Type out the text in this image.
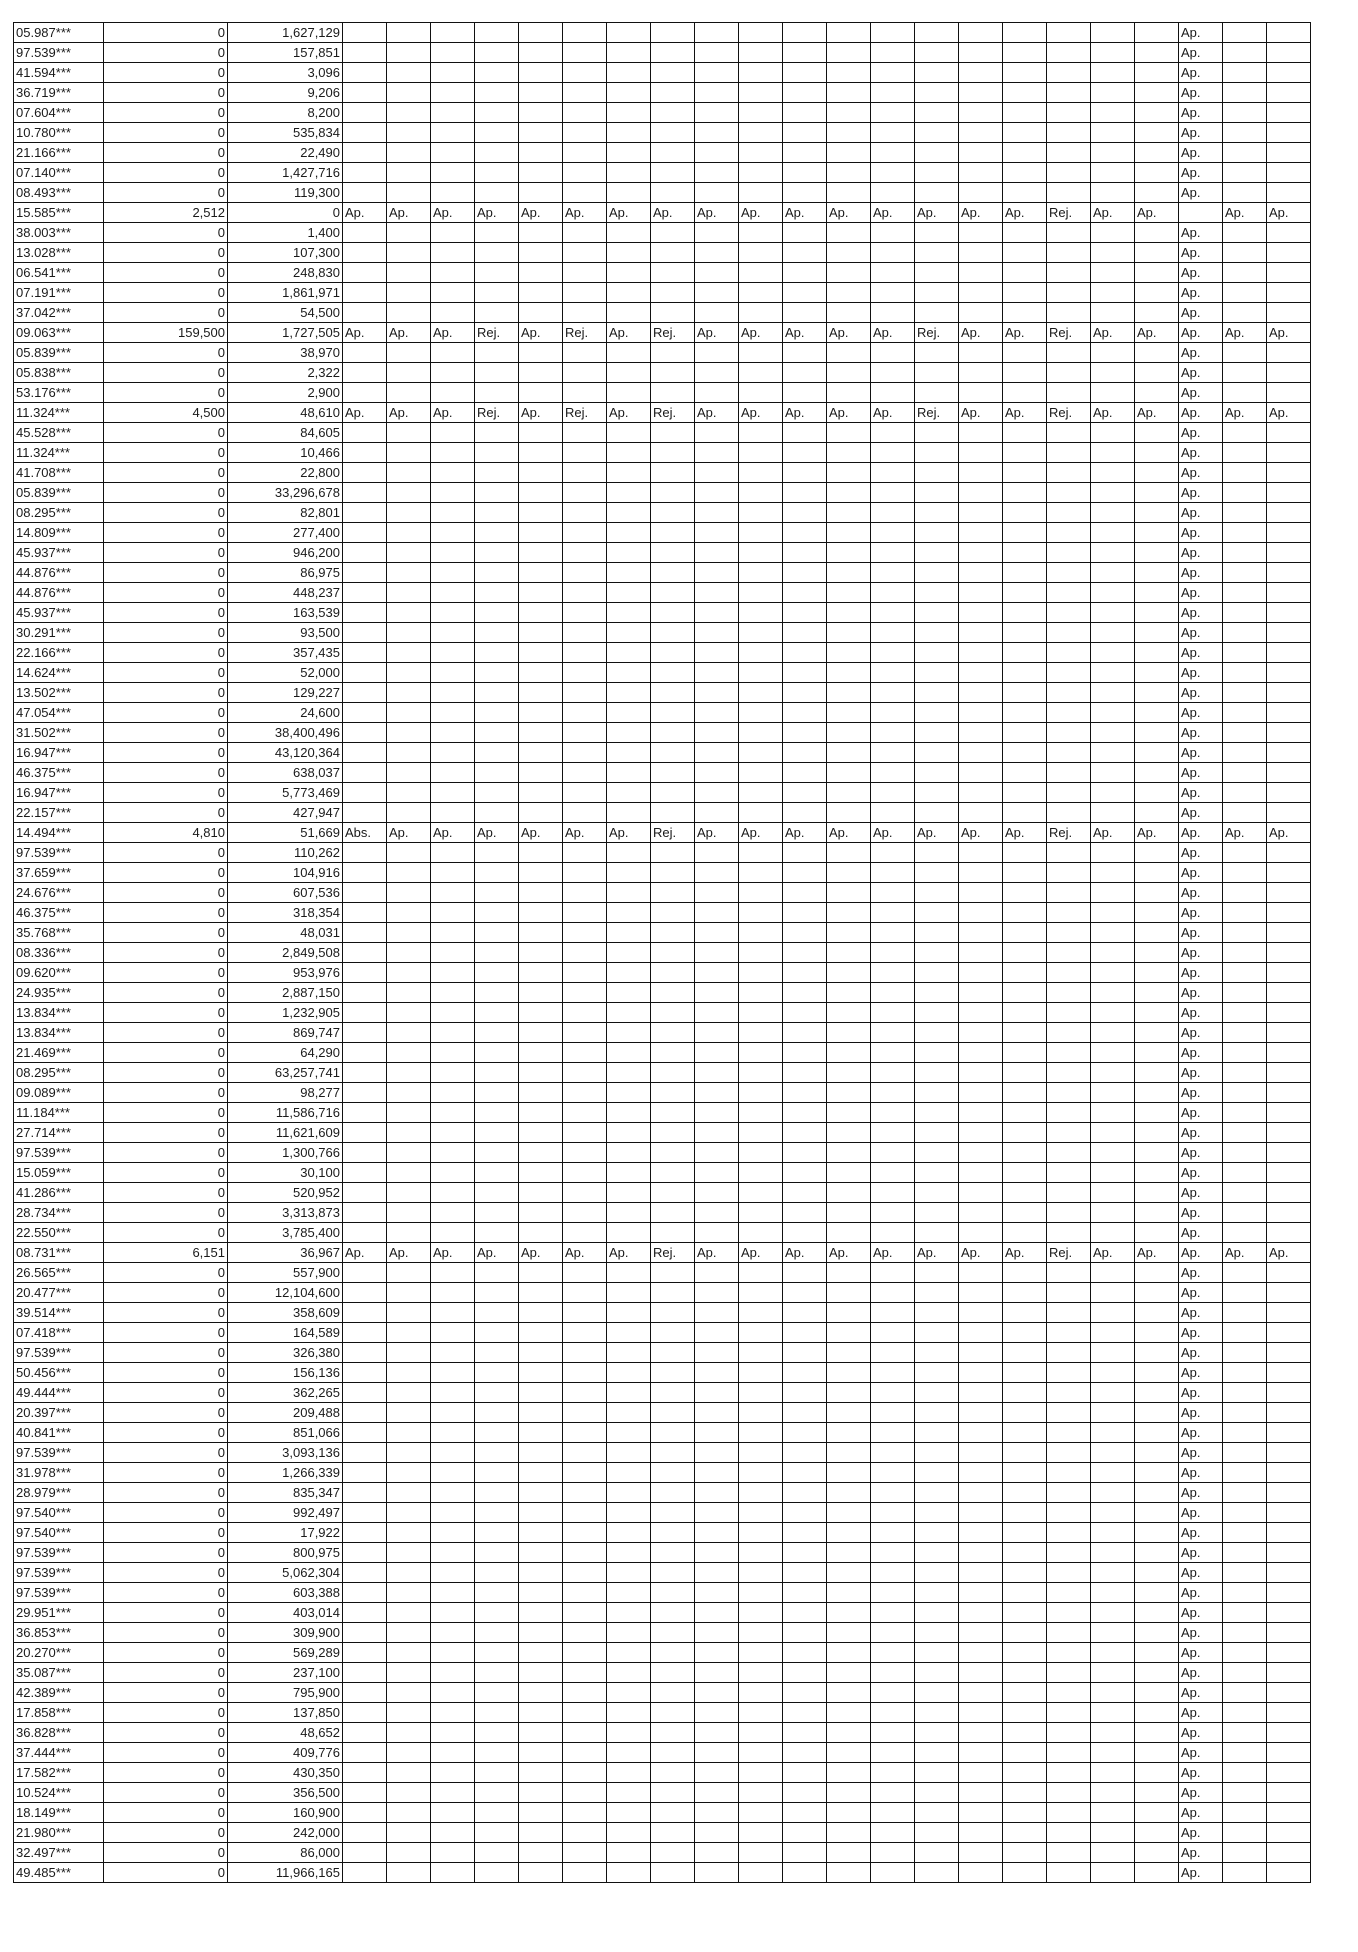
05.987***	0	1,627,129																				Ap.		
97.539***	0	157,851																				Ap.		
41.594***	0	3,096																				Ap.		
36.719***	0	9,206																				Ap.		
07.604***	0	8,200																				Ap.		
10.780***	0	535,834																				Ap.		
21.166***	0	22,490																				Ap.		
07.140***	0	1,427,716																				Ap.		
08.493***	0	119,300																				Ap.		
15.585***	2,512	0	Ap.	Ap.	Ap.	Ap.	Ap.	Ap.	Ap.	Ap.	Ap.	Ap.	Ap.	Ap.	Ap.	Ap.	Ap.	Ap.	Rej.	Ap.	Ap.		Ap.	Ap.
38.003***	0	1,400																				Ap.		
13.028***	0	107,300																				Ap.		
06.541***	0	248,830																				Ap.		
07.191***	0	1,861,971																				Ap.		
37.042***	0	54,500																				Ap.		
09.063***	159,500	1,727,505	Ap.	Ap.	Ap.	Rej.	Ap.	Rej.	Ap.	Rej.	Ap.	Ap.	Ap.	Ap.	Ap.	Rej.	Ap.	Ap.	Rej.	Ap.	Ap.	Ap.	Ap.	Ap.
05.839***	0	38,970																				Ap.		
05.838***	0	2,322																				Ap.		
53.176***	0	2,900																				Ap.		
11.324***	4,500	48,610	Ap.	Ap.	Ap.	Rej.	Ap.	Rej.	Ap.	Rej.	Ap.	Ap.	Ap.	Ap.	Ap.	Rej.	Ap.	Ap.	Rej.	Ap.	Ap.	Ap.	Ap.	Ap.
45.528***	0	84,605																				Ap.		
11.324***	0	10,466																				Ap.		
41.708***	0	22,800																				Ap.		
05.839***	0	33,296,678																				Ap.		
08.295***	0	82,801																				Ap.		
14.809***	0	277,400																				Ap.		
45.937***	0	946,200																				Ap.		
44.876***	0	86,975																				Ap.		
44.876***	0	448,237																				Ap.		
45.937***	0	163,539																				Ap.		
30.291***	0	93,500																				Ap.		
22.166***	0	357,435																				Ap.		
14.624***	0	52,000																				Ap.		
13.502***	0	129,227																				Ap.		
47.054***	0	24,600																				Ap.		
31.502***	0	38,400,496																				Ap.		
16.947***	0	43,120,364																				Ap.		
46.375***	0	638,037																				Ap.		
16.947***	0	5,773,469																				Ap.		
22.157***	0	427,947																				Ap.		
14.494***	4,810	51,669	Abs.	Ap.	Ap.	Ap.	Ap.	Ap.	Ap.	Rej.	Ap.	Ap.	Ap.	Ap.	Ap.	Ap.	Ap.	Ap.	Rej.	Ap.	Ap.	Ap.	Ap.	Ap.
97.539***	0	110,262																				Ap.		
37.659***	0	104,916																				Ap.		
24.676***	0	607,536																				Ap.		
46.375***	0	318,354																				Ap.		
35.768***	0	48,031																				Ap.		
08.336***	0	2,849,508																				Ap.		
09.620***	0	953,976																				Ap.		
24.935***	0	2,887,150																				Ap.		
13.834***	0	1,232,905																				Ap.		
13.834***	0	869,747																				Ap.		
21.469***	0	64,290																				Ap.		
08.295***	0	63,257,741																				Ap.		
09.089***	0	98,277																				Ap.		
11.184***	0	11,586,716																				Ap.		
27.714***	0	11,621,609																				Ap.		
97.539***	0	1,300,766																				Ap.		
15.059***	0	30,100																				Ap.		
41.286***	0	520,952																				Ap.		
28.734***	0	3,313,873																				Ap.		
22.550***	0	3,785,400																				Ap.		
08.731***	6,151	36,967	Ap.	Ap.	Ap.	Ap.	Ap.	Ap.	Ap.	Rej.	Ap.	Ap.	Ap.	Ap.	Ap.	Ap.	Ap.	Ap.	Rej.	Ap.	Ap.	Ap.	Ap.	Ap.
26.565***	0	557,900																				Ap.		
20.477***	0	12,104,600																				Ap.		
39.514***	0	358,609																				Ap.		
07.418***	0	164,589																				Ap.		
97.539***	0	326,380																				Ap.		
50.456***	0	156,136																				Ap.		
49.444***	0	362,265																				Ap.		
20.397***	0	209,488																				Ap.		
40.841***	0	851,066																				Ap.		
97.539***	0	3,093,136																				Ap.		
31.978***	0	1,266,339																				Ap.		
28.979***	0	835,347																				Ap.		
97.540***	0	992,497																				Ap.		
97.540***	0	17,922																				Ap.		
97.539***	0	800,975																				Ap.		
97.539***	0	5,062,304																				Ap.		
97.539***	0	603,388																				Ap.		
29.951***	0	403,014																				Ap.		
36.853***	0	309,900																				Ap.		
20.270***	0	569,289																				Ap.		
35.087***	0	237,100																				Ap.		
42.389***	0	795,900																				Ap.		
17.858***	0	137,850																				Ap.		
36.828***	0	48,652																				Ap.		
37.444***	0	409,776																				Ap.		
17.582***	0	430,350																				Ap.		
10.524***	0	356,500																				Ap.		
18.149***	0	160,900																				Ap.		
21.980***	0	242,000																				Ap.		
32.497***	0	86,000																				Ap.		
49.485***	0	11,966,165																				Ap.		
